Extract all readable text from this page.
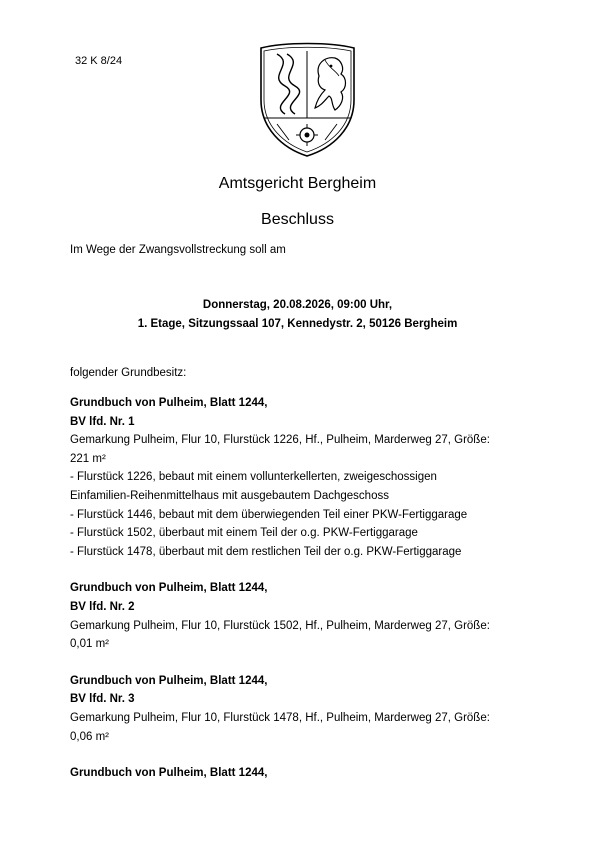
32 K 8/24
Amtsgericht Bergheim
Beschluss
Im Wege der Zwangsvollstreckung soll am
Donnerstag, 20.08.2026, 09:00 Uhr,
1. Etage, Sitzungssaal 107, Kennedystr. 2, 50126 Bergheim
folgender Grundbesitz:
Grundbuch von Pulheim, Blatt 1244,
BV lfd. Nr. 1
Gemarkung Pulheim, Flur 10, Flurstück 1226, Hf., Pulheim, Marderweg 27, Größe:
221 m²
- Flurstück 1226, bebaut mit einem vollunterkellerten, zweigeschossigen
Einfamilien-Reihenmittelhaus mit ausgebautem Dachgeschoss
- Flurstück 1446, bebaut mit dem überwiegenden Teil einer PKW-Fertiggarage
- Flurstück 1502, überbaut mit einem Teil der o.g. PKW-Fertiggarage
- Flurstück 1478, überbaut mit dem restlichen Teil der o.g. PKW-Fertiggarage
Grundbuch von Pulheim, Blatt 1244,
BV lfd. Nr. 2
Gemarkung Pulheim, Flur 10, Flurstück 1502, Hf., Pulheim, Marderweg 27, Größe:
0,01 m²
Grundbuch von Pulheim, Blatt 1244,
BV lfd. Nr. 3
Gemarkung Pulheim, Flur 10, Flurstück 1478, Hf., Pulheim, Marderweg 27, Größe:
0,06 m²
Grundbuch von Pulheim, Blatt 1244,
